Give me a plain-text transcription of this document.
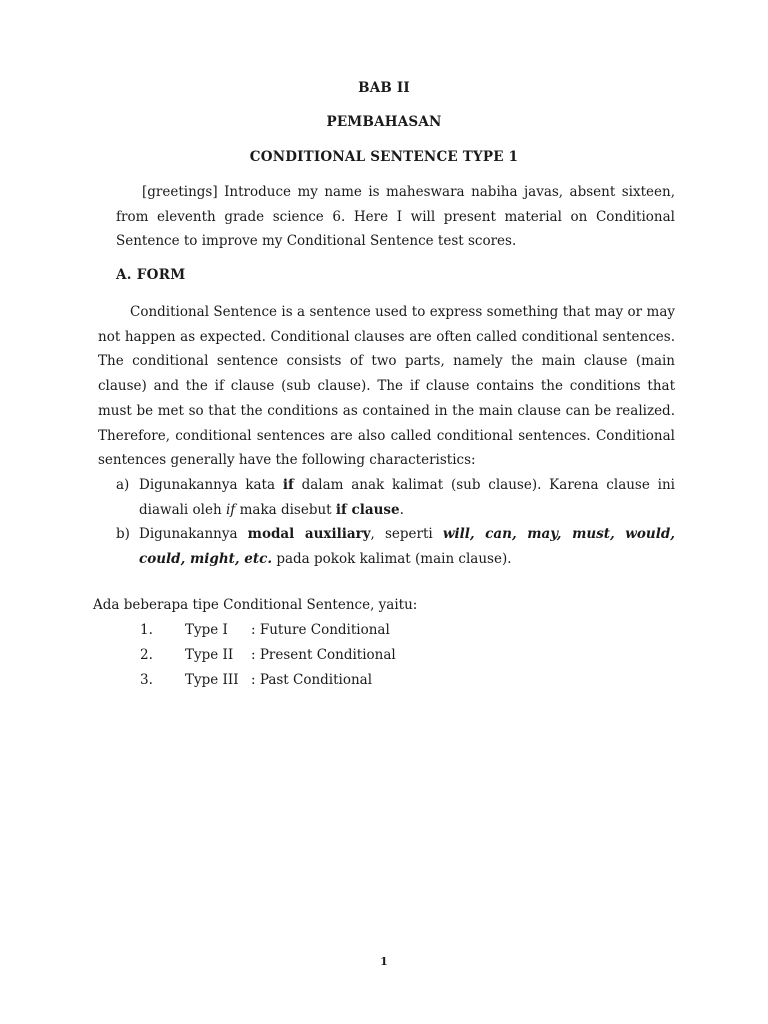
BAB II
PEMBAHASAN
CONDITIONAL SENTENCE TYPE 1
[greetings] Introduce my name is maheswara nabiha javas, absent sixteen, from eleventh grade science 6. Here I will present material on Conditional Sentence to improve my Conditional Sentence test scores.
A. FORM
Conditional Sentence is a sentence used to express something that may or may not happen as expected. Conditional clauses are often called conditional sentences. The conditional sentence consists of two parts, namely the main clause (main clause) and the if clause (sub clause). The if clause contains the conditions that must be met so that the conditions as contained in the main clause can be realized. Therefore, conditional sentences are also called conditional sentences. Conditional sentences generally have the following characteristics:
a) Digunakannya kata if dalam anak kalimat (sub clause). Karena clause ini diawali oleh if maka disebut if clause.
b) Digunakannya modal auxiliary, seperti will, can, may, must, would, could, might, etc. pada pokok kalimat (main clause).
Ada beberapa tipe Conditional Sentence, yaitu:
1. Type I : Future Conditional
2. Type II : Present Conditional
3. Type III : Past Conditional
1
